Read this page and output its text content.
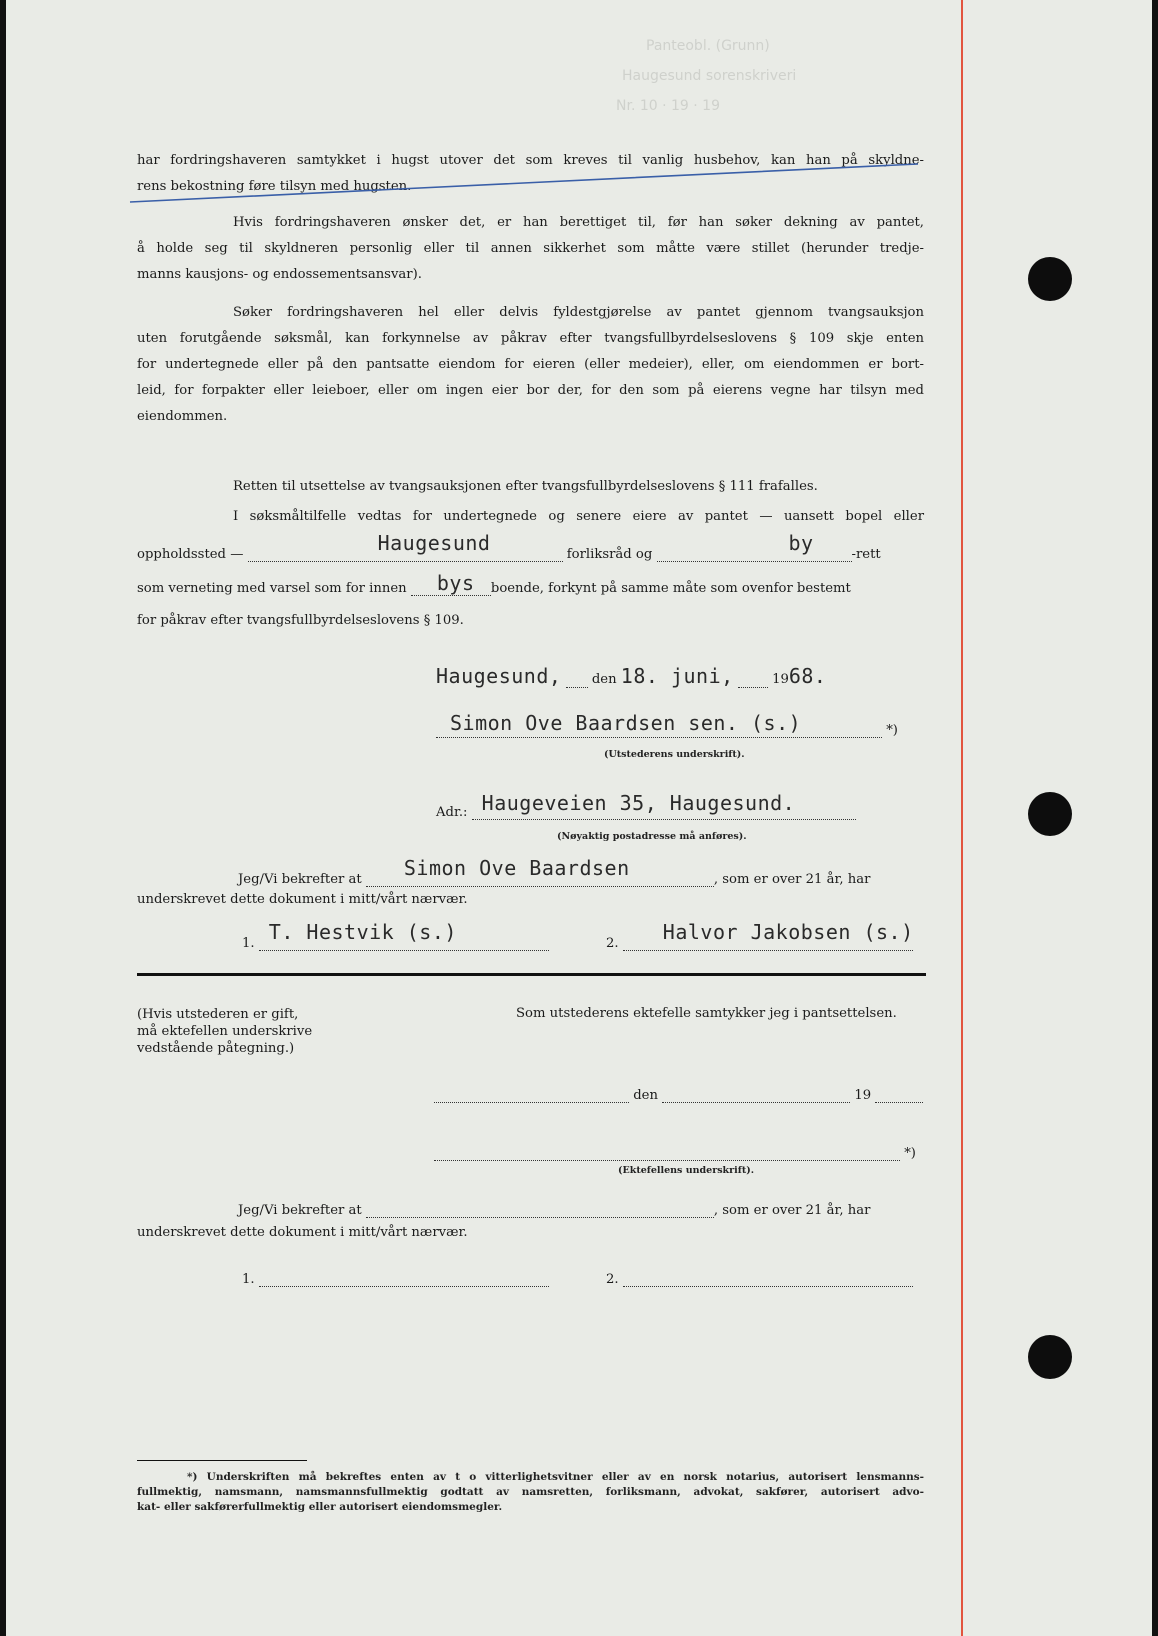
Panteobl. (Grunn)
Haugesund sorenskriveri
Nr. 10 · 19 · 19
har fordringshaveren samtykket i hugst utover det som kreves til vanlig husbehov, kan han på skyldne-
rens bekostning føre tilsyn med hugsten.
Hvis fordringshaveren ønsker det, er han berettiget til, før han søker dekning av pantet,
å holde seg til skyldneren personlig eller til annen sikkerhet som måtte være stillet (herunder tredje-
manns kausjons- og endossementsansvar).
Søker fordringshaveren hel eller delvis fyldestgjørelse av pantet gjennom tvangsauksjon
uten forutgående søksmål, kan forkynnelse av påkrav efter tvangsfullbyrdelseslovens § 109 skje enten
for undertegnede eller på den pantsatte eiendom for eieren (eller medeier), eller, om eiendommen er bort-
leid, for forpakter eller leieboer, eller om ingen eier bor der, for den som på eierens vegne har tilsyn med
eiendommen.
Retten til utsettelse av tvangsauksjonen efter tvangsfullbyrdelseslovens § 111 frafalles.
I søksmåltilfelle vedtas for undertegnede og senere eiere av pantet — uansett bopel eller
oppholdssted —	Haugesund	forliksråd og	by	-rett
som verneting med varsel som for innen bys boende, forkynt på samme måte som ovenfor bestemt
for påkrav efter tvangsfullbyrdelseslovens § 109.
Haugesund, den 18. juni,	1968.
Simon Ove Baardsen sen. (s.)	*)
(Utstederens underskrift).
Adr.: Haugeveien 35, Haugesund.
(Nøyaktig postadresse må anføres).
Jeg/Vi bekrefter at Simon Ove Baardsen	, som er over 21 år, har
underskrevet dette dokument i mitt/vårt nærvær.
1. T. Hestvik (s.)	2. Halvor Jakobsen (s.)
(Hvis utstederen er gift,
må ektefellen underskrive
vedstående påtegning.)
Som utstederens ektefelle samtykker jeg i pantsettelsen.
den	19
*)
(Ektefellens underskrift).
Jeg/Vi bekrefter at	, som er over 21 år, har
underskrevet dette dokument i mitt/vårt nærvær.
1.	2.
*) Underskriften må bekreftes enten av t o vitterlighetsvitner eller av en norsk notarius, autorisert lensmanns-
fullmektig, namsmann, namsmannsfullmektig godtatt av namsretten, forliksmann, advokat, sakfører, autorisert advo-
kat- eller sakførerfullmektig eller autorisert eiendomsmegler.
